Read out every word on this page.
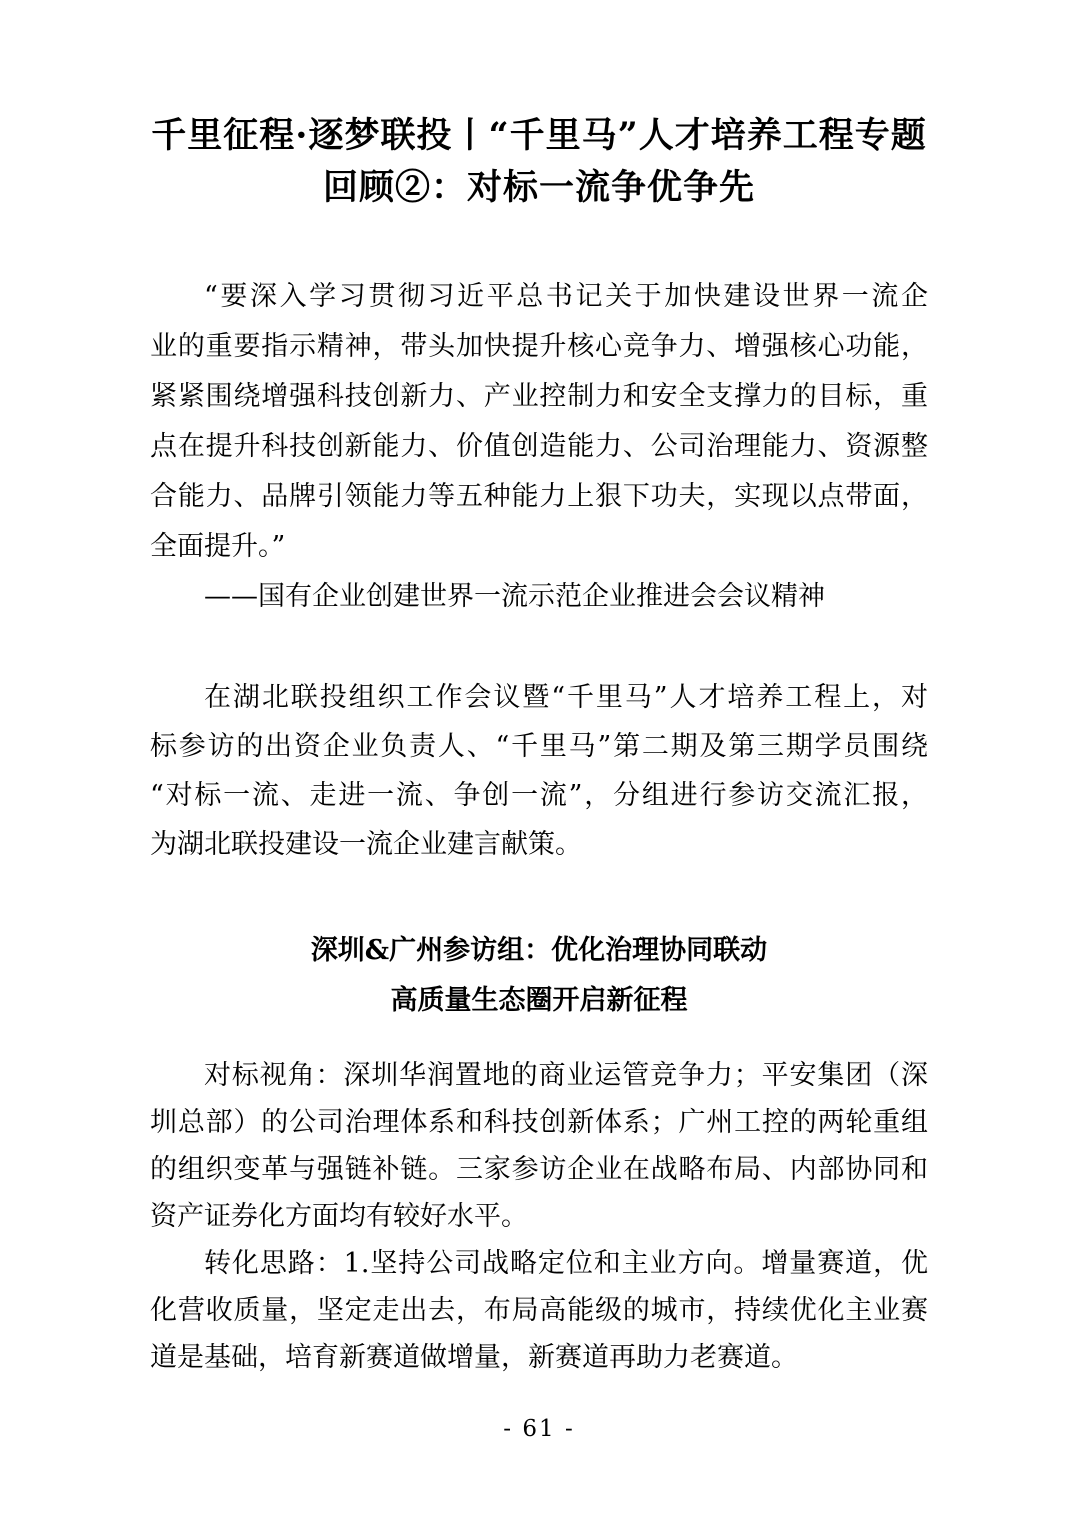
千里征程·逐梦联投丨“千里马”人才培养工程专题
回顾②：对标一流争优争先
“要深入学习贯彻习近平总书记关于加快建设世界一流企
业的重要指示精神，带头加快提升核心竞争力、增强核心功能，
紧紧围绕增强科技创新力、产业控制力和安全支撑力的目标，重
点在提升科技创新能力、价值创造能力、公司治理能力、资源整
合能力、品牌引领能力等五种能力上狠下功夫，实现以点带面，
全面提升。”
——国有企业创建世界一流示范企业推进会会议精神
在湖北联投组织工作会议暨“千里马”人才培养工程上，对
标参访的出资企业负责人、“千里马”第二期及第三期学员围绕
“对标一流、走进一流、争创一流”，分组进行参访交流汇报，
为湖北联投建设一流企业建言献策。
深圳&广州参访组：优化治理协同联动
高质量生态圈开启新征程
对标视角：深圳华润置地的商业运管竞争力；平安集团（深
圳总部）的公司治理体系和科技创新体系；广州工控的两轮重组
的组织变革与强链补链。三家参访企业在战略布局、内部协同和
资产证券化方面均有较好水平。
转化思路：1.坚持公司战略定位和主业方向。增量赛道，优
化营收质量，坚定走出去，布局高能级的城市，持续优化主业赛
道是基础，培育新赛道做增量，新赛道再助力老赛道。
- 61 -
